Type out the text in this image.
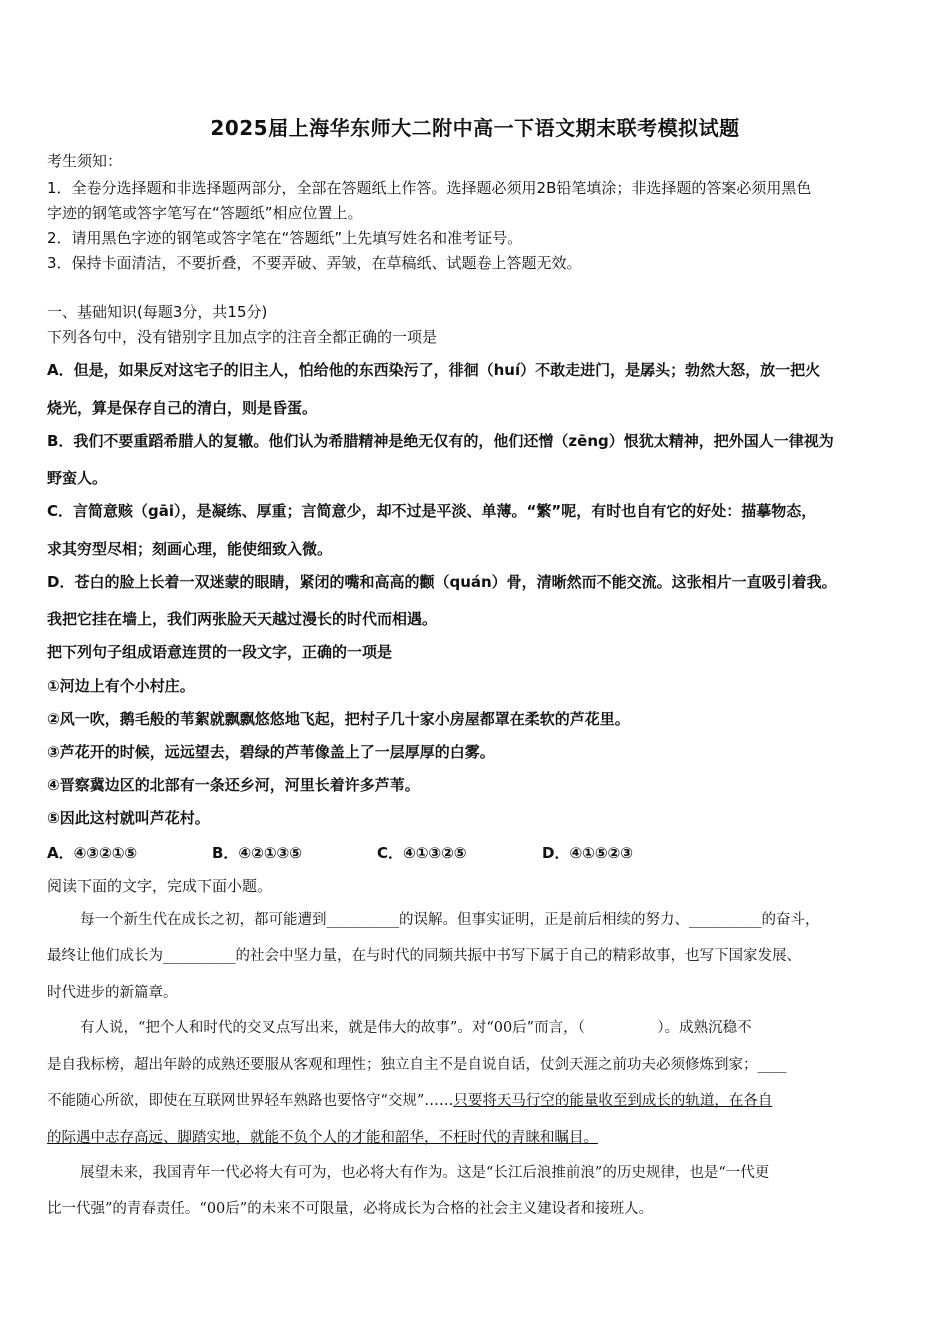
2025届上海华东师大二附中高一下语文期末联考模拟试题
考生须知：
1．全卷分选择题和非选择题两部分，全部在答题纸上作答。选择题必须用2B铅笔填涂；非选择题的答案必须用黑色
字迹的钢笔或答字笔写在“答题纸”相应位置上。
2．请用黑色字迹的钢笔或答字笔在“答题纸”上先填写姓名和准考证号。
3．保持卡面清洁，不要折叠，不要弄破、弄皱，在草稿纸、试题卷上答题无效。
一、基础知识(每题3分，共15分)
下列各句中，没有错别字且加点字的注音全都正确的一项是
A．但是，如果反对这宅子的旧主人，怕给他的东西染污了，徘徊（huí）不敢走进门，是孱头；勃然大怒，放一把火
烧光，算是保存自己的清白，则是昏蛋。
B．我们不要重蹈希腊人的复辙。他们认为希腊精神是绝无仅有的，他们还憎（zēng）恨犹太精神，把外国人一律视为
野蛮人。
C．言简意赅（gāi），是凝练、厚重；言简意少，却不过是平淡、单薄。“繁”呢，有时也自有它的好处：描摹物态，
求其穷型尽相；刻画心理，能使细致入微。
D．苍白的脸上长着一双迷蒙的眼睛，紧闭的嘴和高高的颧（quán）骨，清晰然而不能交流。这张相片一直吸引着我。
我把它挂在墙上，我们两张脸天天越过漫长的时代而相遇。
把下列句子组成语意连贯的一段文字，正确的一项是
①河边上有个小村庄。
②风一吹，鹅毛般的苇絮就飘飘悠悠地飞起，把村子几十家小房屋都罩在柔软的芦花里。
③芦花开的时候，远远望去，碧绿的芦苇像盖上了一层厚厚的白雾。
④晋察冀边区的北部有一条还乡河，河里长着许多芦苇。
⑤因此这村就叫芦花村。
A．④③②①⑤	B．④②①③⑤	C．④①③②⑤	D．④①⑤②③
阅读下面的文字，完成下面小题。
每一个新生代在成长之初，都可能遭到__________的误解。但事实证明，正是前后相续的努力、__________的奋斗，
最终让他们成长为__________的社会中坚力量，在与时代的同频共振中书写下属于自己的精彩故事，也写下国家发展、
时代进步的新篇章。
有人说，“把个人和时代的交叉点写出来，就是伟大的故事”。对“00后”而言，（　　　　　）。成熟沉稳不
是自我标榜，超出年龄的成熟还要服从客观和理性；独立自主不是自说自话，仗剑天涯之前功夫必须修炼到家；____
不能随心所欲，即使在互联网世界轻车熟路也要恪守“交规”……只要将天马行空的能量收至到成长的轨道，在各自
的际遇中志存高远、脚踏实地，就能不负个人的才能和韶华，不枉时代的青睐和瞩目。
展望未来，我国青年一代必将大有可为，也必将大有作为。这是“长江后浪推前浪”的历史规律，也是“一代更
比一代强”的青春责任。“00后”的未来不可限量，必将成长为合格的社会主义建设者和接班人。
